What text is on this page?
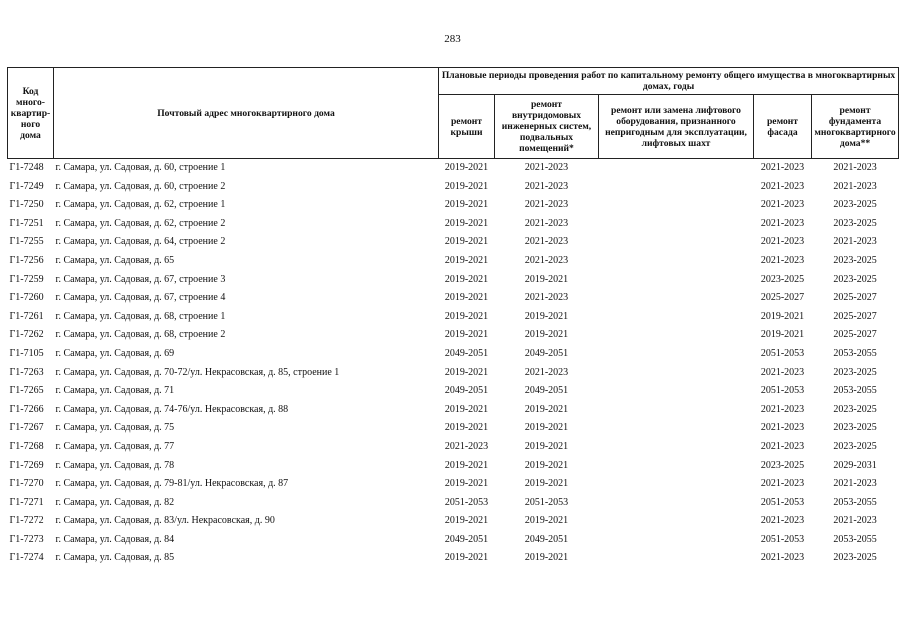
283
Код
много-
квартир-
ного
дома	Почтовый адрес многоквартирного дома	Плановые периоды проведения работ по капитальному ремонту общего имущества в многоквартирных домах, годы				
		ремонт крыши	ремонт внутридомовых инженерных систем, подвальных помещений*	ремонт или замена лифтового оборудования, признанного непригодным для эксплуатации, лифтовых шахт	ремонт фасада	ремонт фундамента многоквартирного дома**
Г1-7248	г. Самара, ул. Садовая, д. 60, строение 1	2019-2021	2021-2023		2021-2023	2021-2023
Г1-7249	г. Самара, ул. Садовая, д. 60, строение 2	2019-2021	2021-2023		2021-2023	2021-2023
Г1-7250	г. Самара, ул. Садовая, д. 62, строение 1	2019-2021	2021-2023		2021-2023	2023-2025
Г1-7251	г. Самара, ул. Садовая, д. 62, строение 2	2019-2021	2021-2023		2021-2023	2023-2025
Г1-7255	г. Самара, ул. Садовая, д. 64, строение 2	2019-2021	2021-2023		2021-2023	2021-2023
Г1-7256	г. Самара, ул. Садовая, д. 65	2019-2021	2021-2023		2021-2023	2023-2025
Г1-7259	г. Самара, ул. Садовая, д. 67, строение 3	2019-2021	2019-2021		2023-2025	2023-2025
Г1-7260	г. Самара, ул. Садовая, д. 67, строение 4	2019-2021	2021-2023		2025-2027	2025-2027
Г1-7261	г. Самара, ул. Садовая, д. 68, строение 1	2019-2021	2019-2021		2019-2021	2025-2027
Г1-7262	г. Самара, ул. Садовая, д. 68, строение 2	2019-2021	2019-2021		2019-2021	2025-2027
Г1-7105	г. Самара, ул. Садовая, д. 69	2049-2051	2049-2051		2051-2053	2053-2055
Г1-7263	г. Самара, ул. Садовая, д. 70-72/ул. Некрасовская, д. 85, строение 1	2019-2021	2021-2023		2021-2023	2023-2025
Г1-7265	г. Самара, ул. Садовая, д. 71	2049-2051	2049-2051		2051-2053	2053-2055
Г1-7266	г. Самара, ул. Садовая, д. 74-76/ул. Некрасовская, д. 88	2019-2021	2019-2021		2021-2023	2023-2025
Г1-7267	г. Самара, ул. Садовая, д. 75	2019-2021	2019-2021		2021-2023	2023-2025
Г1-7268	г. Самара, ул. Садовая, д. 77	2021-2023	2019-2021		2021-2023	2023-2025
Г1-7269	г. Самара, ул. Садовая, д. 78	2019-2021	2019-2021		2023-2025	2029-2031
Г1-7270	г. Самара, ул. Садовая, д. 79-81/ул. Некрасовская, д. 87	2019-2021	2019-2021		2021-2023	2021-2023
Г1-7271	г. Самара, ул. Садовая, д. 82	2051-2053	2051-2053		2051-2053	2053-2055
Г1-7272	г. Самара, ул. Садовая, д. 83/ул. Некрасовская, д. 90	2019-2021	2019-2021		2021-2023	2021-2023
Г1-7273	г. Самара, ул. Садовая, д. 84	2049-2051	2049-2051		2051-2053	2053-2055
Г1-7274	г. Самара, ул. Садовая, д. 85	2019-2021	2019-2021		2021-2023	2023-2025
